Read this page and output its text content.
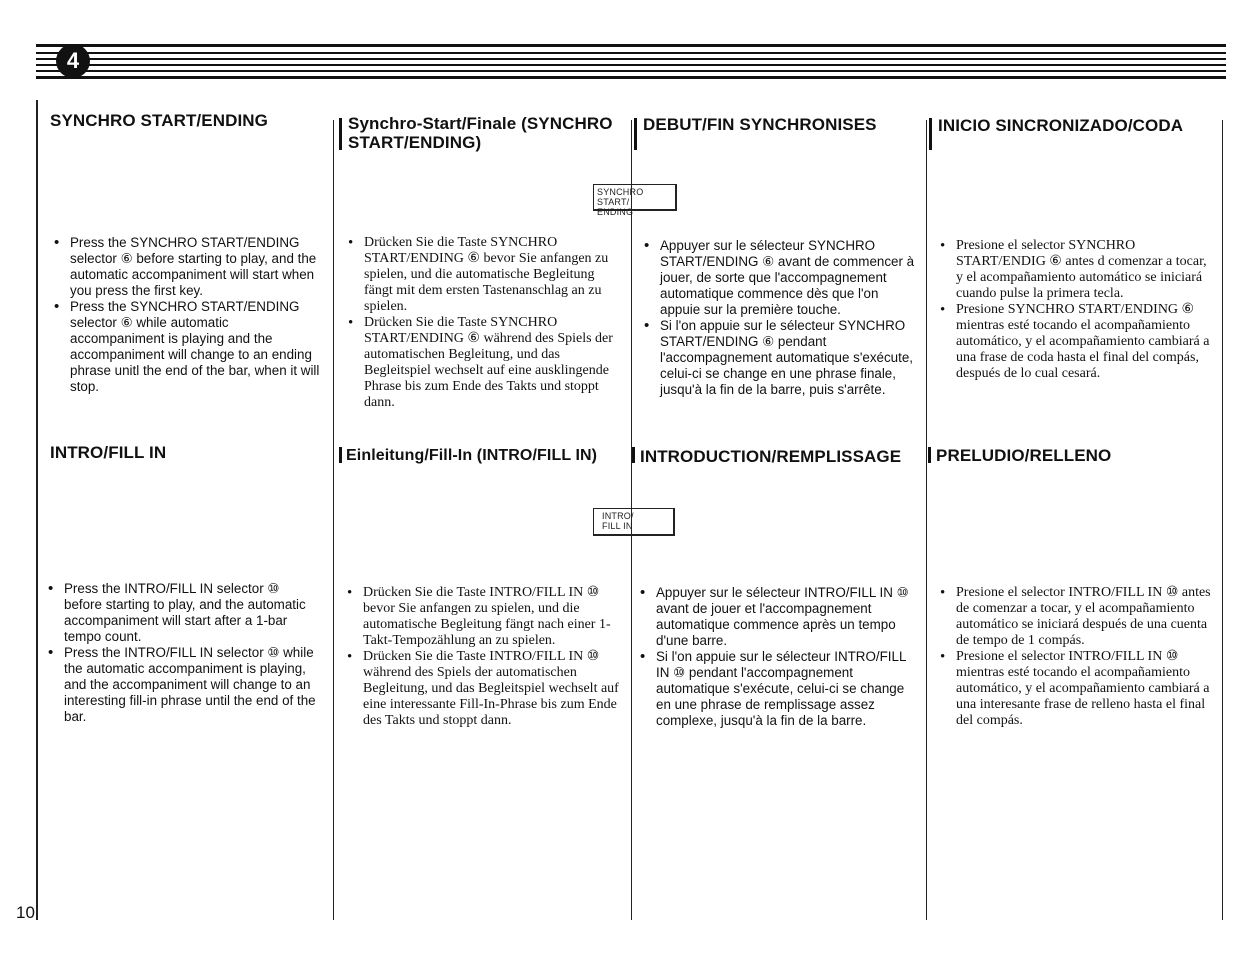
4
SYNCHRO START/ENDING	Synchro-Start/Finale (SYNCHRO START/ENDING)
DEBUT/FIN SYNCHRONISES	INICIO SINCRONIZADO/CODA
SYNCHRO START/
ENDING
• Press the SYNCHRO START/ENDING selector ⑥ before starting to play, and the automatic accompaniment will start when you press the first key.
• Press the SYNCHRO START/ENDING selector ⑥ while automatic accompaniment is playing and the accompaniment will change to an ending phrase unitl the end of the bar, when it will stop.
• Drücken Sie die Taste SYNCHRO START/ENDING ⑥ bevor Sie anfangen zu spielen, und die automatische Begleitung fängt mit dem ersten Tastenanschlag an zu spielen.
• Drücken Sie die Taste SYNCHRO START/ENDING ⑥ während des Spiels der automatischen Begleitung, und das Begleitspiel wechselt auf eine ausklingende Phrase bis zum Ende des Takts und stoppt dann.
• Appuyer sur le sélecteur SYNCHRO START/ENDING ⑥ avant de commencer à jouer, de sorte que l'accompagnement automatique commence dès que l'on appuie sur la première touche.
• Si l'on appuie sur le sélecteur SYNCHRO START/ENDING ⑥ pendant l'accompagnement automatique s'exécute, celui-ci se change en une phrase finale, jusqu'à la fin de la barre, puis s'arrête.
• Presione el selector SYNCHRO START/ENDIG ⑥ antes d comenzar a tocar, y el acompañamiento automático se iniciará cuando pulse la primera tecla.
• Presione SYNCHRO START/ENDING ⑥ mientras esté tocando el acompañamiento automático, y el acompañamiento cambiará a una frase de coda hasta el final del compás, después de lo cual cesará.
INTRO/FILL IN	Einleitung/Fill-In (INTRO/FILL IN)	INTRODUCTION/REMPLISSAGE	PRELUDIO/RELLENO
INTRO/
FILL IN
• Press the INTRO/FILL IN selector ⑩ before starting to play, and the automatic accompaniment will start after a 1-bar tempo count.
• Press the INTRO/FILL IN selector ⑩ while the automatic accompaniment is playing, and the accompaniment will change to an interesting fill-in phrase until the end of the bar.
• Drücken Sie die Taste INTRO/FILL IN ⑩ bevor Sie anfangen zu spielen, und die automatische Begleitung fängt nach einer 1-Takt-Tempozählung an zu spielen.
• Drücken Sie die Taste INTRO/FILL IN ⑩ während des Spiels der automatischen Begleitung, und das Begleitspiel wechselt auf eine interessante Fill-In-Phrase bis zum Ende des Takts und stoppt dann.
• Appuyer sur le sélecteur INTRO/FILL IN ⑩ avant de jouer et l'accompagnement automatique commence après un tempo d'une barre.
• Si l'on appuie sur le sélecteur INTRO/FILL IN ⑩ pendant l'accompagnement automatique s'exécute, celui-ci se change en une phrase de remplissage assez complexe, jusqu'à la fin de la barre.
• Presione el selector INTRO/FILL IN ⑩ antes de comenzar a tocar, y el acompañamiento automático se iniciará después de una cuenta de tempo de 1 compás.
• Presione el selector INTRO/FILL IN ⑩ mientras esté tocando el acompañamiento automático, y el acompañamiento cambiará a una interesante frase de relleno hasta el final del compás.
10
